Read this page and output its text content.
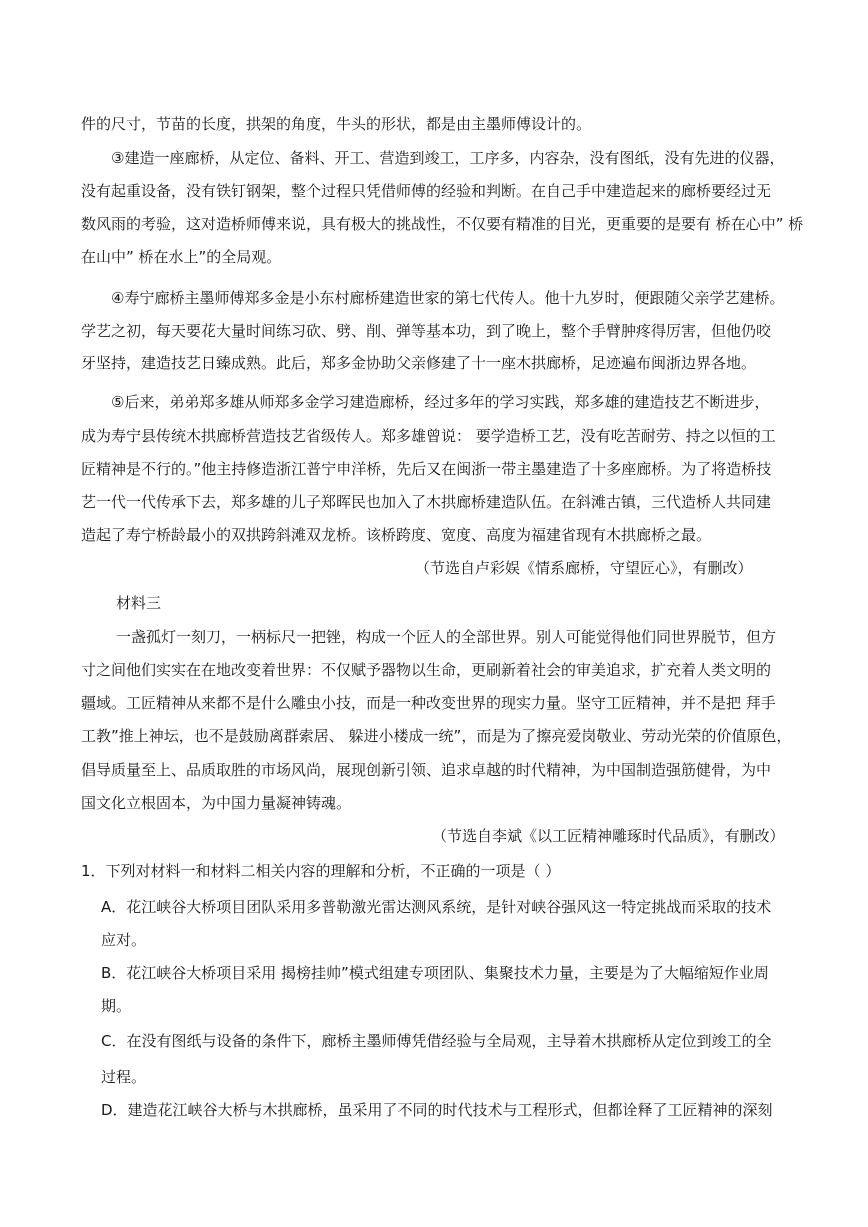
件的尺寸，节苗的长度，拱架的角度，牛头的形状，都是由主墨师傅设计的。
③建造一座廊桥，从定位、备料、开工、营造到竣工，工序多，内容杂，没有图纸，没有先进的仪器，
没有起重设备，没有铁钉钢架，整个过程只凭借师傅的经验和判断。在自己手中建造起来的廊桥要经过无
数风雨的考验，这对造桥师傅来说，具有极大的挑战性，不仅要有精准的目光，更重要的是要有 桥在心中” 桥
在山中” 桥在水上”的全局观。
④寿宁廊桥主墨师傅郑多金是小东村廊桥建造世家的第七代传人。他十九岁时，便跟随父亲学艺建桥。
学艺之初，每天要花大量时间练习砍、劈、削、弹等基本功，到了晚上，整个手臂肿疼得厉害，但他仍咬
牙坚持，建造技艺日臻成熟。此后，郑多金协助父亲修建了十一座木拱廊桥，足迹遍布闽浙边界各地。
⑤后来，弟弟郑多雄从师郑多金学习建造廊桥，经过多年的学习实践，郑多雄的建造技艺不断进步，
成为寿宁县传统木拱廊桥营造技艺省级传人。郑多雄曾说： 要学造桥工艺，没有吃苦耐劳、持之以恒的工
匠精神是不行的。”他主持修造浙江普宁申洋桥，先后又在闽浙一带主墨建造了十多座廊桥。为了将造桥技
艺一代一代传承下去，郑多雄的儿子郑晖民也加入了木拱廊桥建造队伍。在斜滩古镇，三代造桥人共同建
造起了寿宁桥龄最小的双拱跨斜滩双龙桥。该桥跨度、宽度、高度为福建省现有木拱廊桥之最。
（节选自卢彩娱《情系廊桥，守望匠心》，有删改）
材料三
一盏孤灯一刻刀，一柄标尺一把锉，构成一个匠人的全部世界。别人可能觉得他们同世界脱节，但方
寸之间他们实实在在地改变着世界：不仅赋予器物以生命，更刷新着社会的审美追求，扩充着人类文明的
疆域。工匠精神从来都不是什么雕虫小技，而是一种改变世界的现实力量。坚守工匠精神，并不是把 拜手
工教”推上神坛，也不是鼓励离群索居、 躲进小楼成一统”，而是为了擦亮爱岗敬业、劳动光荣的价值原色，
倡导质量至上、品质取胜的市场风尚，展现创新引领、追求卓越的时代精神，为中国制造强筋健骨，为中
国文化立根固本，为中国力量凝神铸魂。
（节选自李斌《以工匠精神雕琢时代品质》，有删改）
1．下列对材料一和材料二相关内容的理解和分析，不正确的一项是（ ）
A．花江峡谷大桥项目团队采用多普勒激光雷达测风系统，是针对峡谷强风这一特定挑战而采取的技术
应对。
B．花江峡谷大桥项目采用 揭榜挂帅”模式组建专项团队、集聚技术力量，主要是为了大幅缩短作业周
期。
C．在没有图纸与设备的条件下，廊桥主墨师傅凭借经验与全局观，主导着木拱廊桥从定位到竣工的全
过程。
D．建造花江峡谷大桥与木拱廊桥，虽采用了不同的时代技术与工程形式，但都诠释了工匠精神的深刻
